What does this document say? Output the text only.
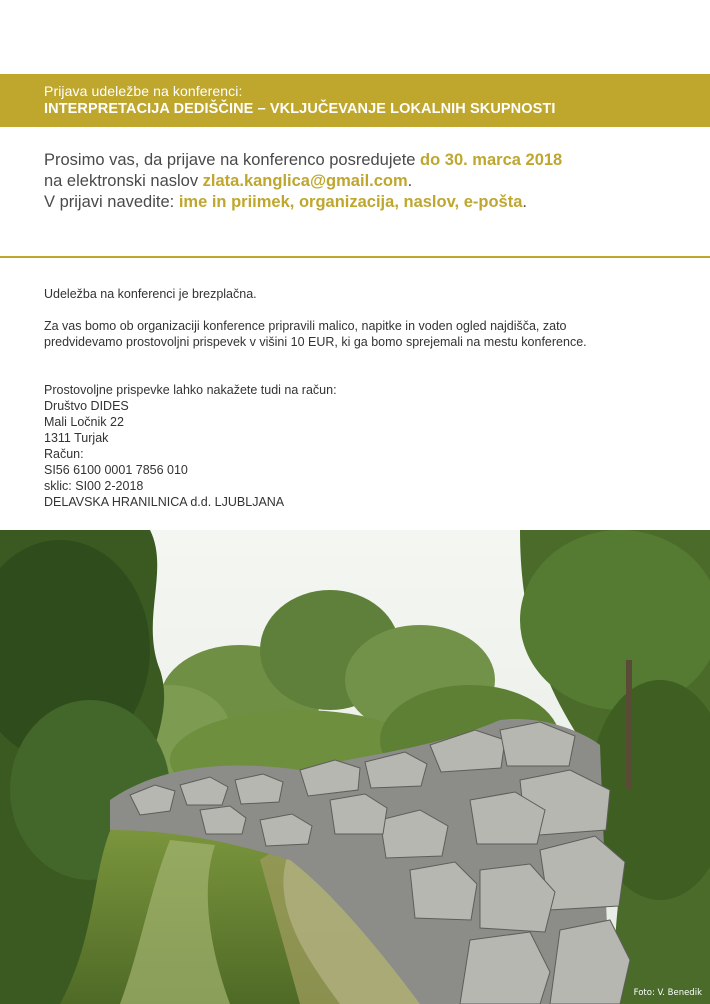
Prijava udeležbe na konferenci:
INTERPRETACIJA DEDIŠČINE – VKLJUČEVANJE LOKALNIH SKUPNOSTI
Prosimo vas, da prijave na konferenco posredujete do 30. marca 2018
na elektronski naslov zlata.kanglica@gmail.com.
V prijavi navedite: ime in priimek, organizacija, naslov, e-pošta.

Udeležba na konferenci je brezplačna.

Za vas bomo ob organizaciji konference pripravili malico, napitke in voden ogled najdišča, zato

predvidevamo prostovoljni prispevek v višini 10 EUR, ki ga bomo sprejemali na mestu konference.

Prostovoljne prispevke lahko nakažete tudi na račun:

Društvo DIDES

Mali Ločnik 22

1311 Turjak

Račun:

SI56 6100 0001 7856 010

sklic: SI00 2-2018

DELAVSKA HRANILNICA d.d. LJUBLJANA

Foto: V. Benedik
